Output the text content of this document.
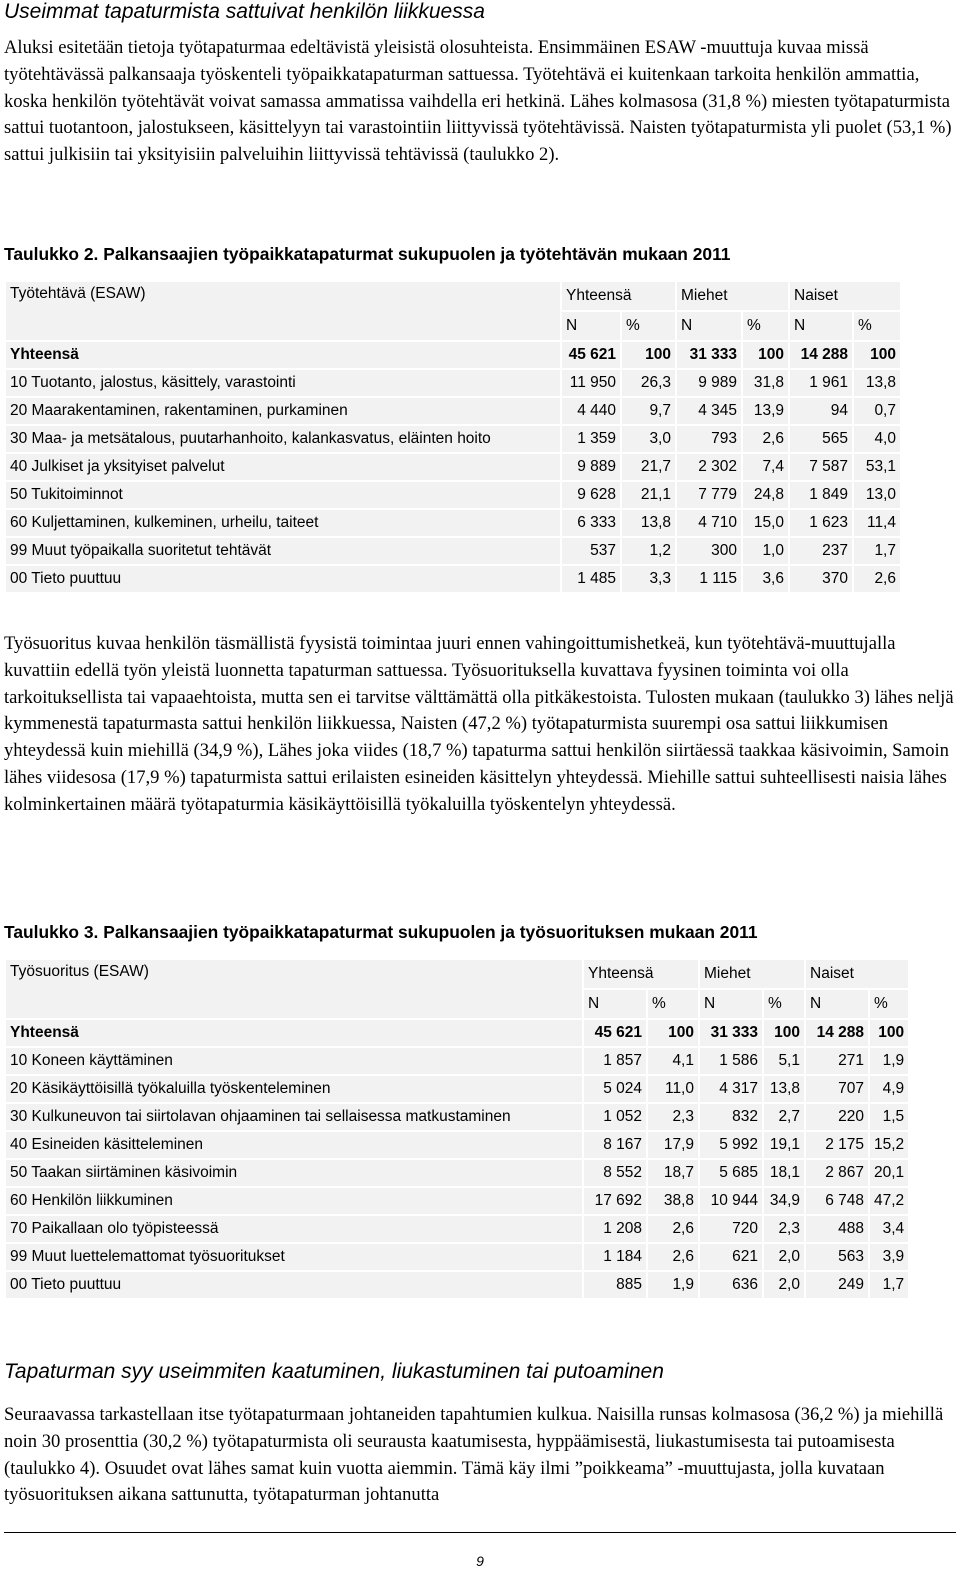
Useimmat tapaturmista sattuivat henkilön liikkuessa

Aluksi esitetään tietoja työtapaturmaa edeltävistä yleisistä olosuhteista. Ensimmäinen ESAW -muuttuja kuvaa missä työtehtävässä palkansaaja työskenteli työpaikkatapaturman sattuessa. Työtehtävä ei kuitenkaan tarkoita henkilön ammattia, koska henkilön työtehtävät voivat samassa ammatissa vaihdella eri hetkinä. Lähes kolmasosa (31,8 %) miesten työtapaturmista sattui tuotantoon, jalostukseen, käsittelyyn tai varastointiin liittyvissä työtehtävissä. Naisten työtapaturmista yli puolet (53,1 %) sattui julkisiin tai yksityisiin palveluihin liittyvissä tehtävissä (taulukko 2).

Taulukko 2. Palkansaajien työpaikkatapaturmat sukupuolen ja työtehtävän mukaan 2011

Työtehtävä (ESAW)	Yhteensä		Miehet		Naiset	
	N	%	N	%	N	%
Yhteensä	45 621	100	31 333	100	14 288	100
10 Tuotanto, jalostus, käsittely, varastointi	11 950	26,3	9 989	31,8	1 961	13,8
20 Maarakentaminen, rakentaminen, purkaminen	4 440	9,7	4 345	13,9	94	0,7
30 Maa- ja metsätalous, puutarhanhoito, kalankasvatus, eläinten hoito	1 359	3,0	793	2,6	565	4,0
40 Julkiset ja yksityiset palvelut	9 889	21,7	2 302	7,4	7 587	53,1
50 Tukitoiminnot	9 628	21,1	7 779	24,8	1 849	13,0
60 Kuljettaminen, kulkeminen, urheilu, taiteet	6 333	13,8	4 710	15,0	1 623	11,4
99 Muut työpaikalla suoritetut tehtävät	537	1,2	300	1,0	237	1,7
00 Tieto puuttuu	1 485	3,3	1 115	3,6	370	2,6

Työsuoritus kuvaa henkilön täsmällistä fyysistä toimintaa juuri ennen vahingoittumishetkeä, kun työtehtävä-muuttujalla kuvattiin edellä työn yleistä luonnetta tapaturman sattuessa. Työsuorituksella kuvattava fyysinen toiminta voi olla tarkoituksellista tai vapaaehtoista, mutta sen ei tarvitse välttämättä olla pitkäkestoista. Tulosten mukaan (taulukko 3) lähes neljä kymmenestä tapaturmasta sattui henkilön liikkuessa, Naisten (47,2 %) työtapaturmista suurempi osa sattui liikkumisen yhteydessä kuin miehillä (34,9 %), Lähes joka viides (18,7 %) tapaturma sattui henkilön siirtäessä taakkaa käsivoimin, Samoin lähes viidesosa (17,9 %) tapaturmista sattui erilaisten esineiden käsittelyn yhteydessä. Miehille sattui suhteellisesti naisia lähes kolminkertainen määrä työtapaturmia käsikäyttöisillä työkaluilla työskentelyn yhteydessä.

Taulukko 3. Palkansaajien työpaikkatapaturmat sukupuolen ja työsuorituksen mukaan 2011

Työsuoritus (ESAW)	Yhteensä		Miehet		Naiset	
	N	%	N	%	N	%
Yhteensä	45 621	100	31 333	100	14 288	100
10 Koneen käyttäminen	1 857	4,1	1 586	5,1	271	1,9
20 Käsikäyttöisillä työkaluilla työskenteleminen	5 024	11,0	4 317	13,8	707	4,9
30 Kulkuneuvon tai siirtolavan ohjaaminen tai sellaisessa matkustaminen	1 052	2,3	832	2,7	220	1,5
40 Esineiden käsitteleminen	8 167	17,9	5 992	19,1	2 175	15,2
50 Taakan siirtäminen käsivoimin	8 552	18,7	5 685	18,1	2 867	20,1
60 Henkilön liikkuminen	17 692	38,8	10 944	34,9	6 748	47,2
70 Paikallaan olo työpisteessä	1 208	2,6	720	2,3	488	3,4
99 Muut luettelemattomat työsuoritukset	1 184	2,6	621	2,0	563	3,9
00 Tieto puuttuu	885	1,9	636	2,0	249	1,7
Tapaturman syy useimmiten kaatuminen, liukastuminen tai putoaminen

Seuraavassa tarkastellaan itse työtapaturmaan johtaneiden tapahtumien kulkua. Naisilla runsas kolmasosa (36,2 %) ja miehillä noin 30 prosenttia (30,2 %) työtapaturmista oli seurausta kaatumisesta, hyppäämisestä, liukastumisesta tai putoamisesta (taulukko 4). Osuudet ovat lähes samat kuin vuotta aiemmin. Tämä käy ilmi ”poikkeama” -muuttujasta, jolla kuvataan työsuorituksen aikana sattunutta, työtapaturman johtanutta

9
